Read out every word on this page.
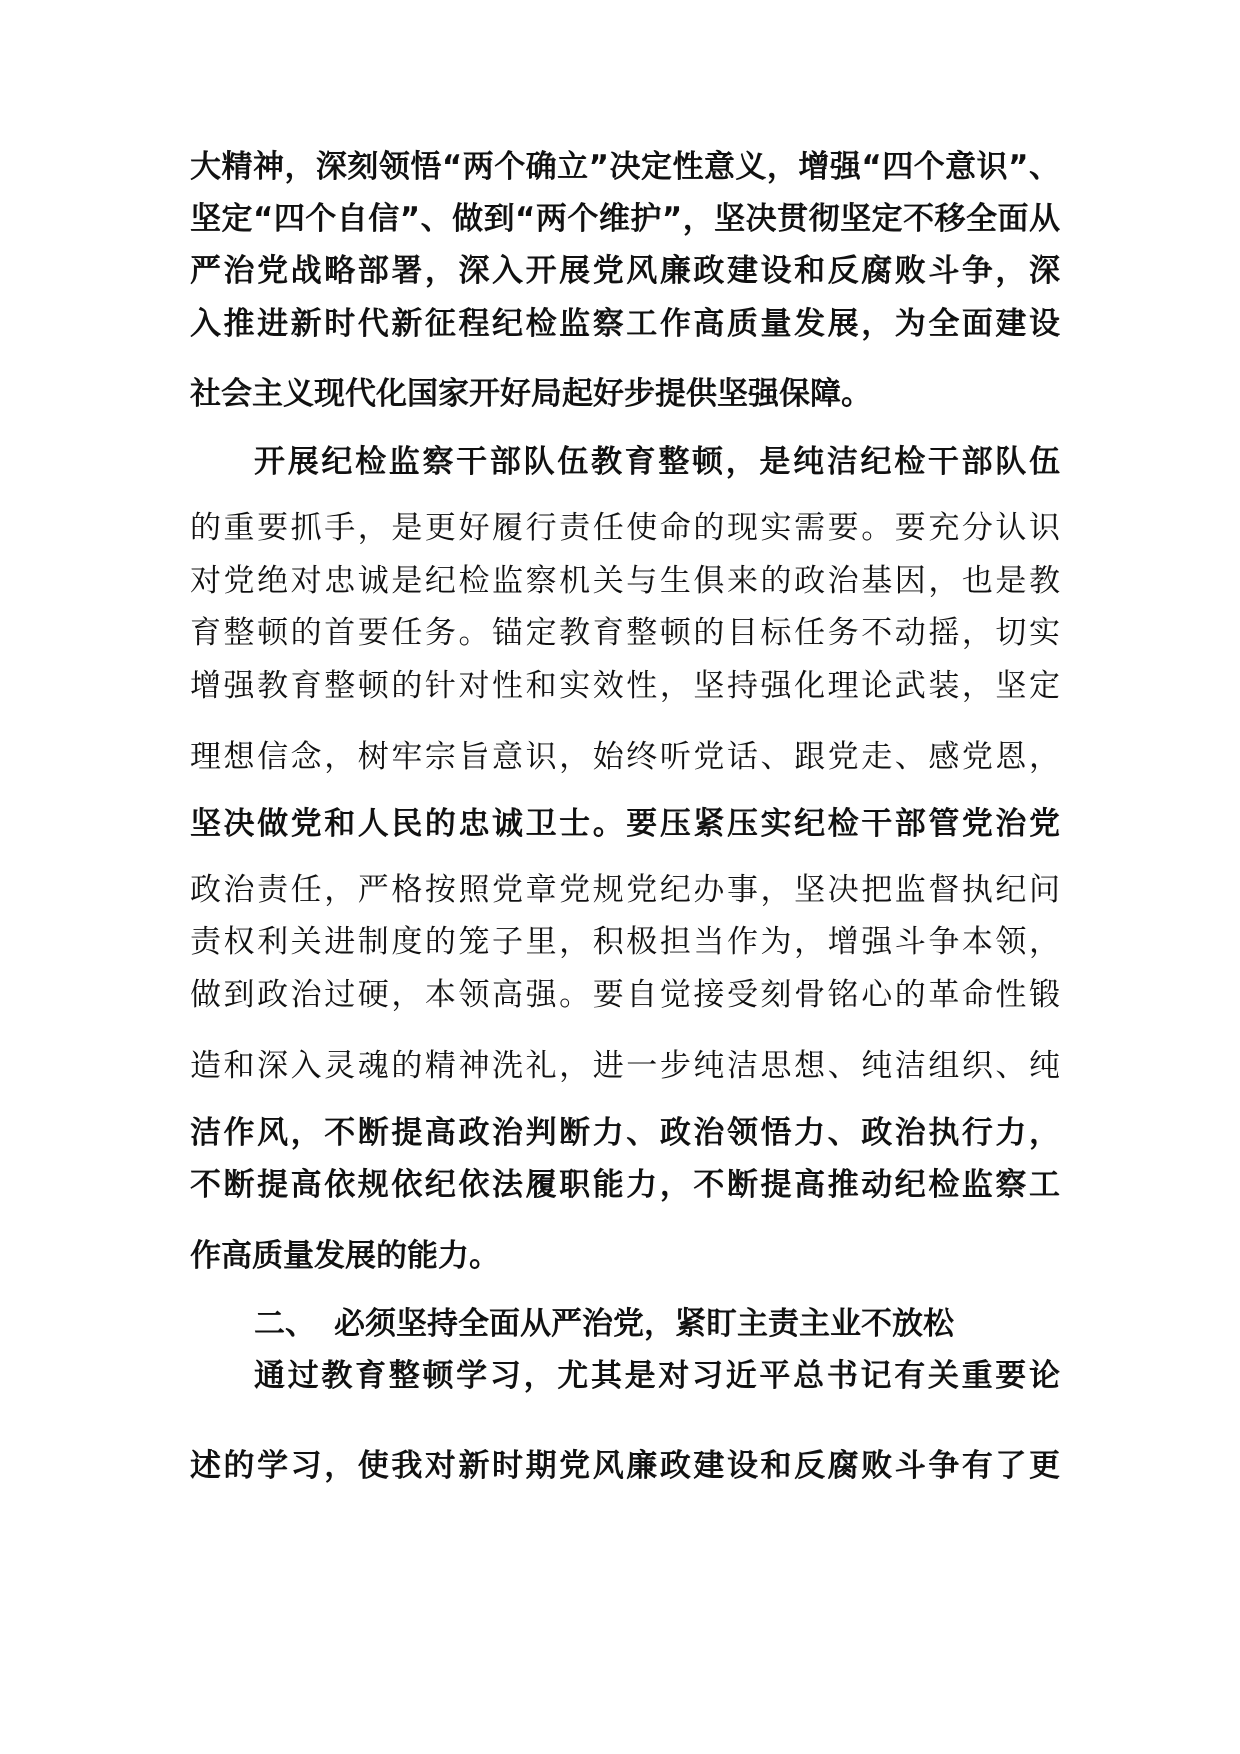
大精神，深刻领悟“两个确立”决定性意义，增强“四个意识”、
坚定“四个自信”、做到“两个维护”，坚决贯彻坚定不移全面从
严治党战略部署，深入开展党风廉政建设和反腐败斗争，深
入推进新时代新征程纪检监察工作高质量发展，为全面建设
社会主义现代化国家开好局起好步提供坚强保障。
开展纪检监察干部队伍教育整顿，是纯洁纪检干部队伍
的重要抓手，是更好履行责任使命的现实需要。要充分认识
对党绝对忠诚是纪检监察机关与生俱来的政治基因，也是教
育整顿的首要任务。锚定教育整顿的目标任务不动摇，切实
增强教育整顿的针对性和实效性，坚持强化理论武装，坚定
理想信念，树牢宗旨意识，始终听党话、跟党走、感党恩，
坚决做党和人民的忠诚卫士。要压紧压实纪检干部管党治党
政治责任，严格按照党章党规党纪办事，坚决把监督执纪问
责权利关进制度的笼子里，积极担当作为，增强斗争本领，
做到政治过硬，本领高强。要自觉接受刻骨铭心的革命性锻
造和深入灵魂的精神洗礼，进一步纯洁思想、纯洁组织、纯
洁作风，不断提高政治判断力、政治领悟力、政治执行力，
不断提高依规依纪依法履职能力，不断提高推动纪检监察工
作高质量发展的能力。
二、 必须坚持全面从严治党，紧盯主责主业不放松
通过教育整顿学习，尤其是对习近平总书记有关重要论
述的学习，使我对新时期党风廉政建设和反腐败斗争有了更
